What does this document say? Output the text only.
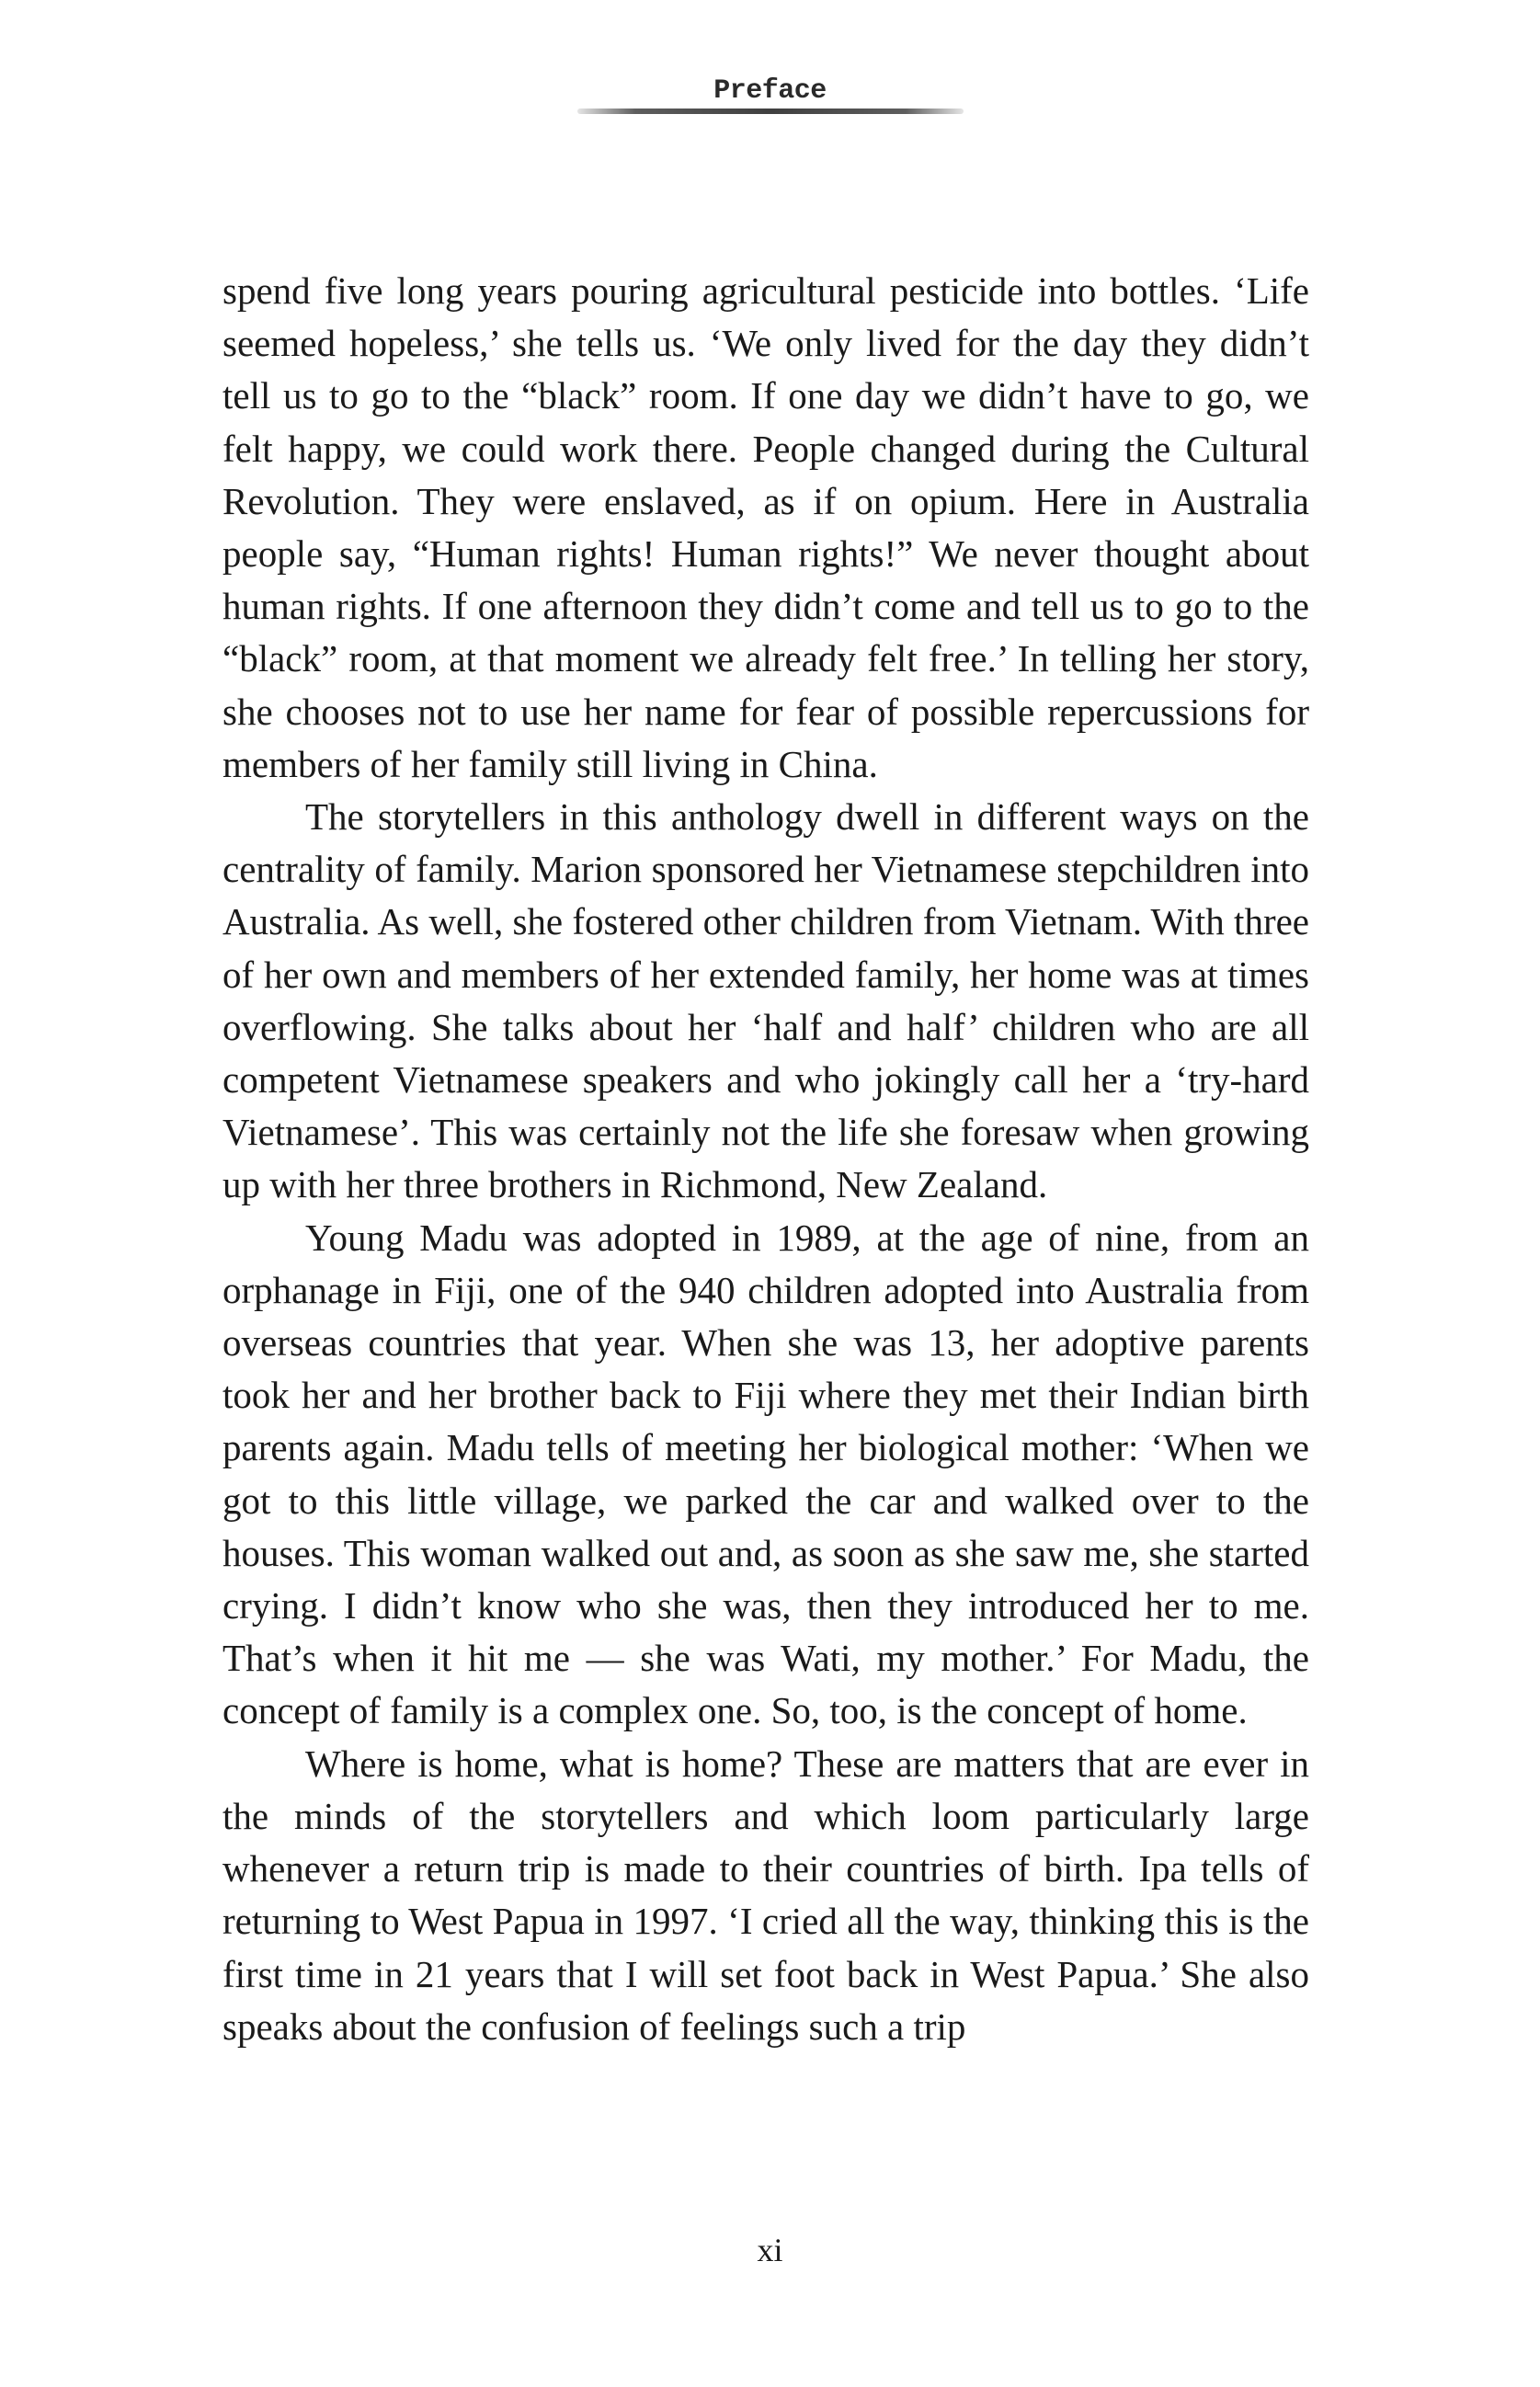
Preface

spend five long years pouring agricultural pesticide into bottles. ‘Life seemed hopeless,’ she tells us. ‘We only lived for the day they didn’t tell us to go to the “black” room. If one day we didn’t have to go, we felt happy, we could work there. People changed during the Cultural Revolution. They were enslaved, as if on opium. Here in Australia people say, “Human rights! Human rights!” We never thought about human rights. If one afternoon they didn’t come and tell us to go to the “black” room, at that moment we already felt free.’ In telling her story, she chooses not to use her name for fear of possible repercussions for members of her family still living in China.

The storytellers in this anthology dwell in different ways on the centrality of family. Marion sponsored her Vietnamese stepchildren into Australia. As well, she fostered other children from Vietnam. With three of her own and members of her extended family, her home was at times overflowing. She talks about her ‘half and half’ children who are all competent Vietnamese speakers and who jokingly call her a ‘try-hard Vietnamese’. This was certainly not the life she foresaw when growing up with her three brothers in Richmond, New Zealand.

Young Madu was adopted in 1989, at the age of nine, from an orphanage in Fiji, one of the 940 children adopted into Australia from overseas countries that year. When she was 13, her adoptive parents took her and her brother back to Fiji where they met their Indian birth parents again. Madu tells of meeting her biological mother: ‘When we got to this little village, we parked the car and walked over to the houses. This woman walked out and, as soon as she saw me, she started crying. I didn’t know who she was, then they introduced her to me. That’s when it hit me — she was Wati, my mother.’ For Madu, the concept of family is a complex one. So, too, is the concept of home.

Where is home, what is home? These are matters that are ever in the minds of the storytellers and which loom particularly large whenever a return trip is made to their countries of birth. Ipa tells of returning to West Papua in 1997. ‘I cried all the way, thinking this is the first time in 21 years that I will set foot back in West Papua.’ She also speaks about the confusion of feelings such a trip

xi
